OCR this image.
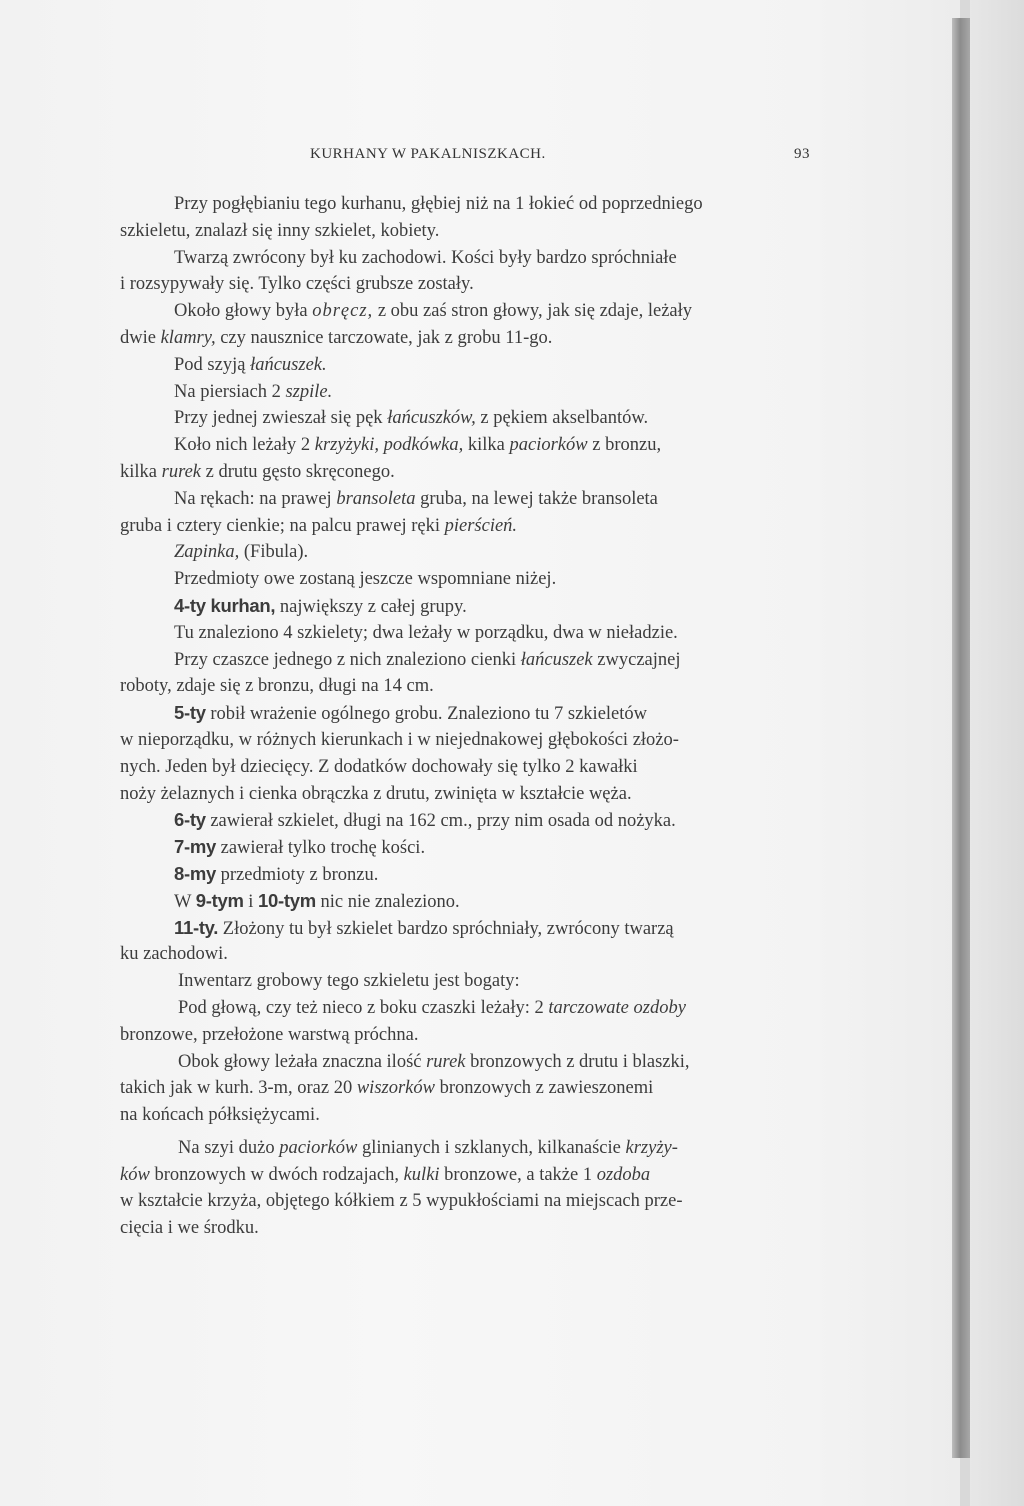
KURHANY W PAKALNISZKACH.	93
Przy pogłębianiu tego kurhanu, głębiej niż na 1 łokieć od poprzedniego
szkieletu, znalazł się inny szkielet, kobiety.
Twarzą zwrócony był ku zachodowi. Kości były bardzo spróchniałe
i rozsypywały się. Tylko części grubsze zostały.
Około głowy była obręcz, z obu zaś stron głowy, jak się zdaje, leżały
dwie klamry, czy nausznice tarczowate, jak z grobu 11-go.
Pod szyją łańcuszek.
Na piersiach 2 szpile.
Przy jednej zwieszał się pęk łańcuszków, z pękiem akselbantów.
Koło nich leżały 2 krzyżyki, podkówka, kilka paciorków z bronzu,
kilka rurek z drutu gęsto skręconego.
Na rękach: na prawej bransoleta gruba, na lewej także bransoleta
gruba i cztery cienkie; na palcu prawej ręki pierścień.
Zapinka, (Fibula).
Przedmioty owe zostaną jeszcze wspomniane niżej.
4-ty kurhan, największy z całej grupy.
Tu znaleziono 4 szkielety; dwa leżały w porządku, dwa w nieładzie.
Przy czaszce jednego z nich znaleziono cienki łańcuszek zwyczajnej
roboty, zdaje się z bronzu, długi na 14 cm.
5-ty robił wrażenie ogólnego grobu. Znaleziono tu 7 szkieletów
w nieporządku, w różnych kierunkach i w niejednakowej głębokości złożo-
nych. Jeden był dziecięcy. Z dodatków dochowały się tylko 2 kawałki
noży żelaznych i cienka obrączka z drutu, zwinięta w kształcie węża.
6-ty zawierał szkielet, długi na 162 cm., przy nim osada od nożyka.
7-my zawierał tylko trochę kości.
8-my przedmioty z bronzu.
W 9-tym i 10-tym nic nie znaleziono.
11-ty. Złożony tu był szkielet bardzo spróchniały, zwrócony twarzą
ku zachodowi.
Inwentarz grobowy tego szkieletu jest bogaty:
Pod głową, czy też nieco z boku czaszki leżały: 2 tarczowate ozdoby
bronzowe, przełożone warstwą próchna.
Obok głowy leżała znaczna ilość rurek bronzowych z drutu i blaszki,
takich jak w kurh. 3-m, oraz 20 wiszorków bronzowych z zawieszonemi
na końcach półksiężycami.
Na szyi dużo paciorków glinianych i szklanych, kilkanaście krzyży-
ków bronzowych w dwóch rodzajach, kulki bronzowe, a także 1 ozdoba
w kształcie krzyża, objętego kółkiem z 5 wypukłościami na miejscach prze-
cięcia i we środku.
